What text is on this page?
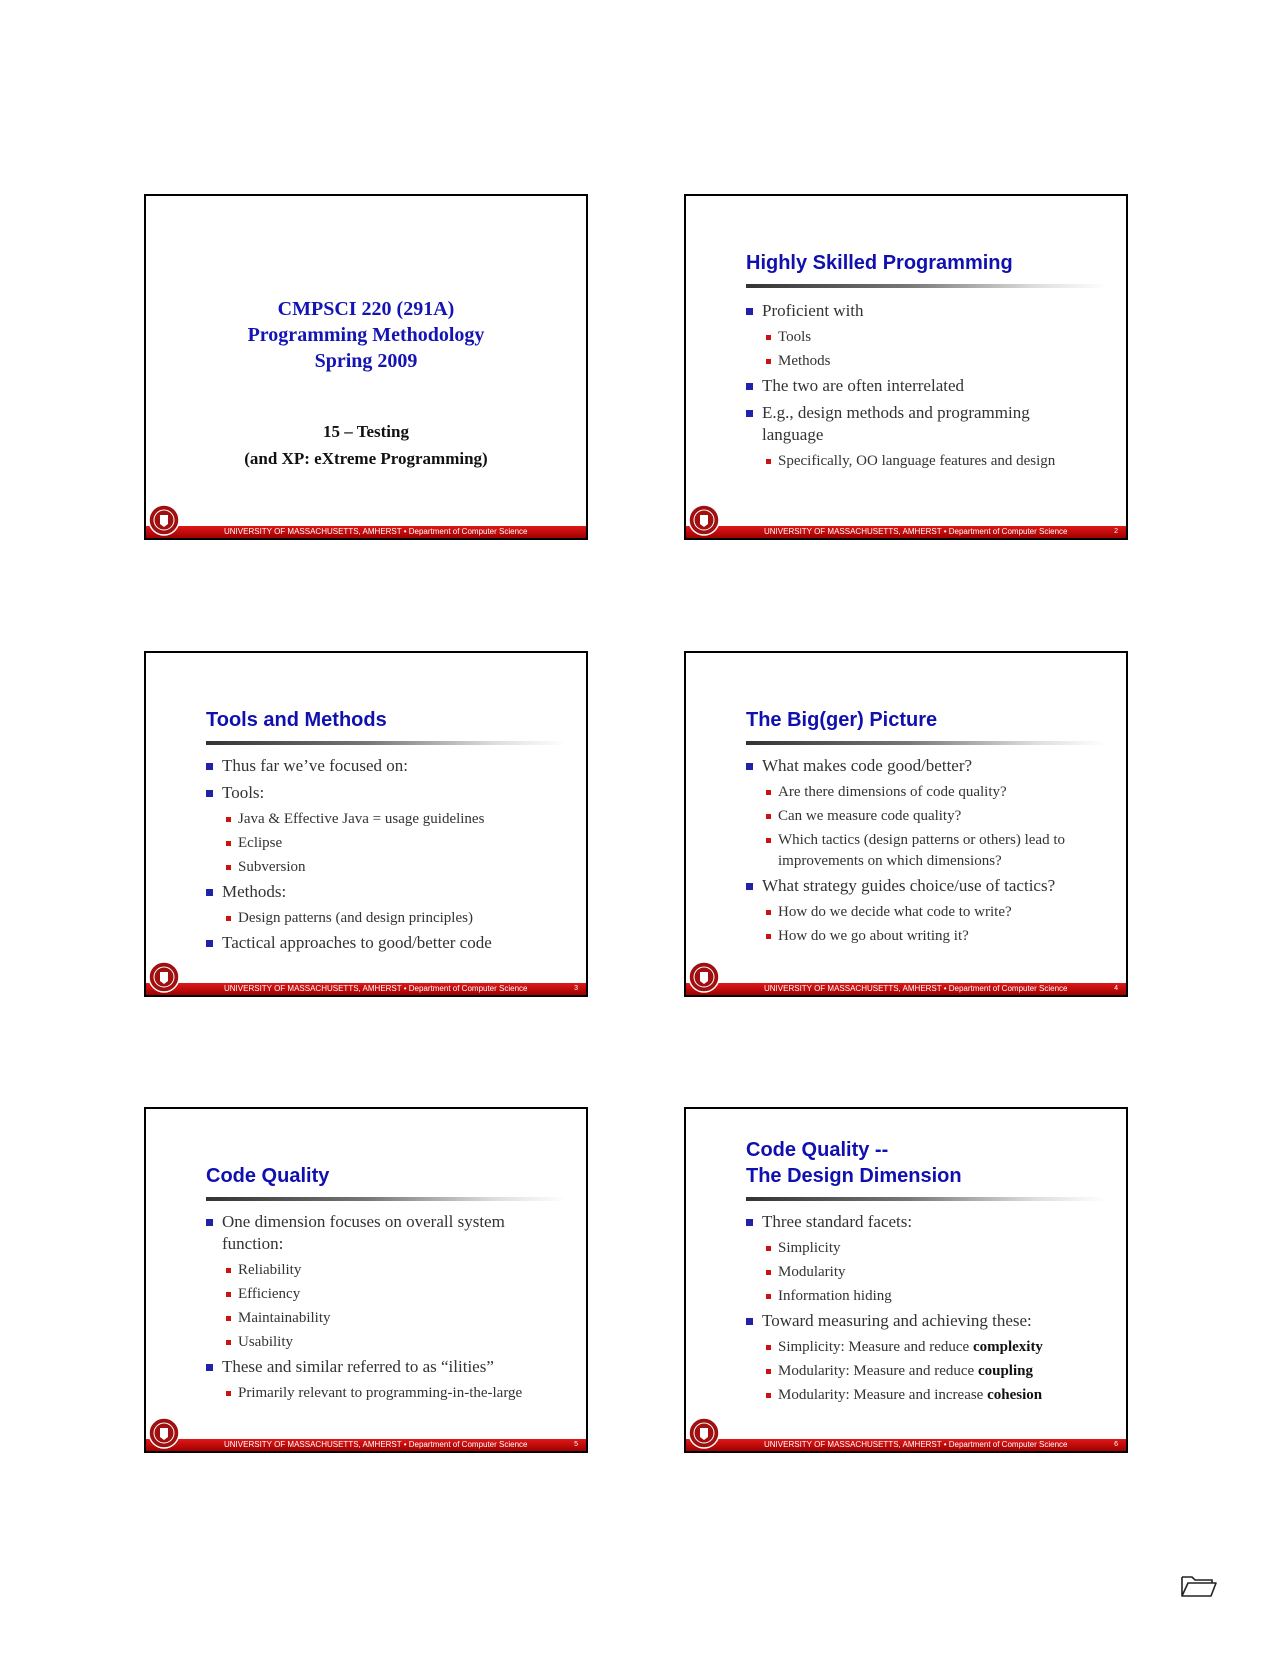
CMPSCI 220 (291A)
Programming Methodology
Spring 2009
15 – Testing
(and XP: eXtreme Programming)
UNIVERSITY OF MASSACHUSETTS, AMHERST • Department of Computer Science
Highly Skilled Programming
Proficient with
Tools
Methods
The two are often interrelated
E.g., design methods and programming language
Specifically, OO language features and design
UNIVERSITY OF MASSACHUSETTS, AMHERST • Department of Computer Science	2
Tools and Methods
Thus far we’ve focused on:
Tools:
Java & Effective Java = usage guidelines
Eclipse
Subversion
Methods:
Design patterns (and design principles)
Tactical approaches to good/better code
UNIVERSITY OF MASSACHUSETTS, AMHERST • Department of Computer Science	3
The Big(ger) Picture
What makes code good/better?
Are there dimensions of code quality?
Can we measure code quality?
Which tactics (design patterns or others) lead to improvements on which dimensions?
What strategy guides choice/use of tactics?
How do we decide what code to write?
How do we go about writing it?
UNIVERSITY OF MASSACHUSETTS, AMHERST • Department of Computer Science	4
Code Quality
One dimension focuses on overall system function:
Reliability
Efficiency
Maintainability
Usability
These and similar referred to as “ilities”
Primarily relevant to programming-in-the-large
UNIVERSITY OF MASSACHUSETTS, AMHERST • Department of Computer Science	5
Code Quality --
The Design Dimension
Three standard facets:
Simplicity
Modularity
Information hiding
Toward measuring and achieving these:
Simplicity: Measure and reduce complexity
Modularity: Measure and reduce coupling
Modularity: Measure and increase cohesion
UNIVERSITY OF MASSACHUSETTS, AMHERST • Department of Computer Science	6
